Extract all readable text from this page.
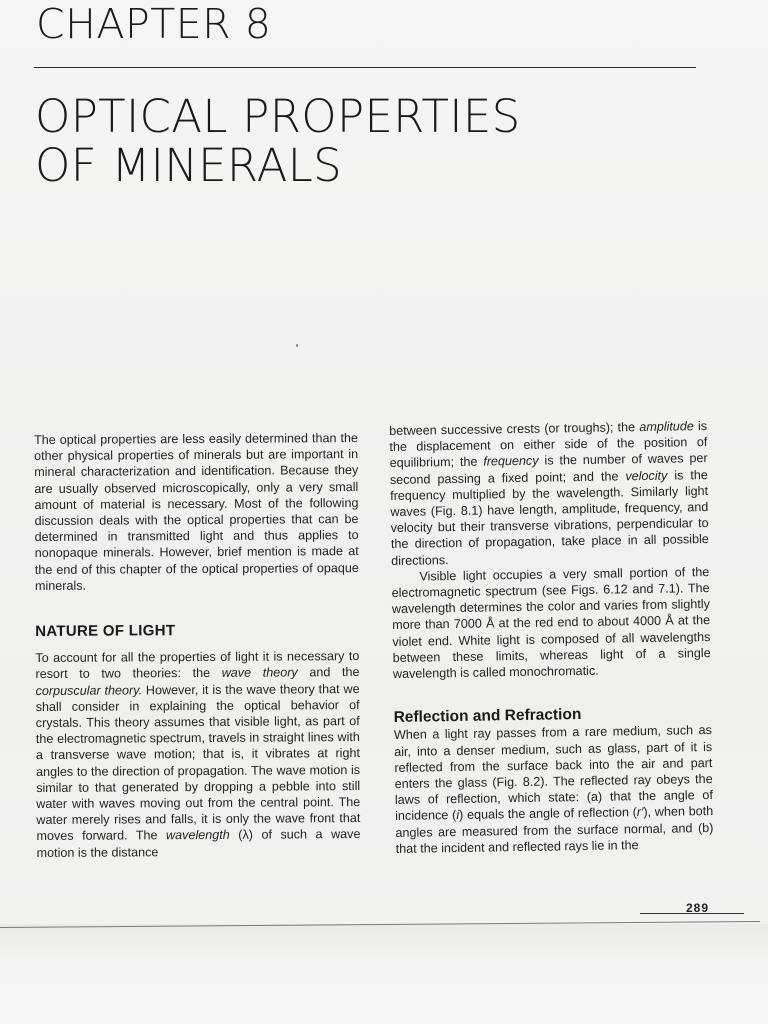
CHAPTER 8
OPTICAL PROPERTIES
OF MINERALS

The optical properties are less easily determined than the other physical properties of minerals but are important in mineral characterization and identification. Because they are usually observed microscopically, only a very small amount of material is necessary. Most of the following discussion deals with the optical properties that can be determined in transmitted light and thus applies to nonopaque minerals. However, brief mention is made at the end of this chapter of the optical properties of opaque minerals.

NATURE OF LIGHT

To account for all the properties of light it is necessary to resort to two theories: the wave theory and the corpuscular theory. However, it is the wave theory that we shall consider in explaining the optical behavior of crystals. This theory assumes that visible light, as part of the electromagnetic spectrum, travels in straight lines with a transverse wave motion; that is, it vibrates at right angles to the direction of propagation. The wave motion is similar to that generated by dropping a pebble into still water with waves moving out from the central point. The water merely rises and falls, it is only the wave front that moves forward. The wavelength (λ) of such a wave motion is the distance

between successive crests (or troughs); the amplitude is the displacement on either side of the position of equilibrium; the frequency is the number of waves per second passing a fixed point; and the velocity is the frequency multiplied by the wavelength. Similarly light waves (Fig. 8.1) have length, amplitude, frequency, and velocity but their transverse vibrations, perpendicular to the direction of propagation, take place in all possible directions.

Visible light occupies a very small portion of the electromagnetic spectrum (see Figs. 6.12 and 7.1). The wavelength determines the color and varies from slightly more than 7000 Å at the red end to about 4000 Å at the violet end. White light is composed of all wavelengths between these limits, whereas light of a single wavelength is called monochromatic.

Reflection and Refraction

When a light ray passes from a rare medium, such as air, into a denser medium, such as glass, part of it is reflected from the surface back into the air and part enters the glass (Fig. 8.2). The reflected ray obeys the laws of reflection, which state: (a) that the angle of incidence (i) equals the angle of reflection (r′), when both angles are measured from the surface normal, and (b) that the incident and reflected rays lie in the

289
